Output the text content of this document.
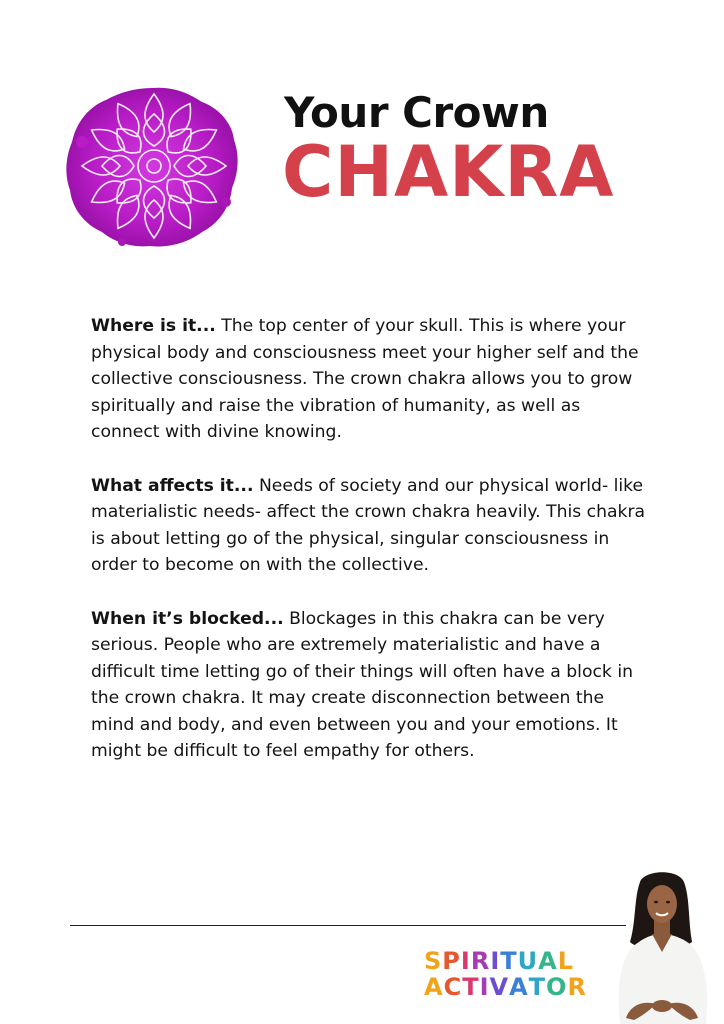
Your Crown
CHAKRA

Where is it... The top center of your skull. This is where your physical body and consciousness meet your higher self and the collective consciousness. The crown chakra allows you to grow spiritually and raise the vibration of humanity, as well as connect with divine knowing.

What affects it... Needs of society and our physical world- like materialistic needs- affect the crown chakra heavily. This chakra is about letting go of the physical, singular consciousness in order to become on with the collective.

When it’s blocked... Blockages in this chakra can be very serious. People who are extremely materialistic and have a difficult time letting go of their things will often have a block in the crown chakra. It may create disconnection between the mind and body, and even between you and your emotions. It might be difficult to feel empathy for others.

SPIRITUAL
ACTIVATOR
